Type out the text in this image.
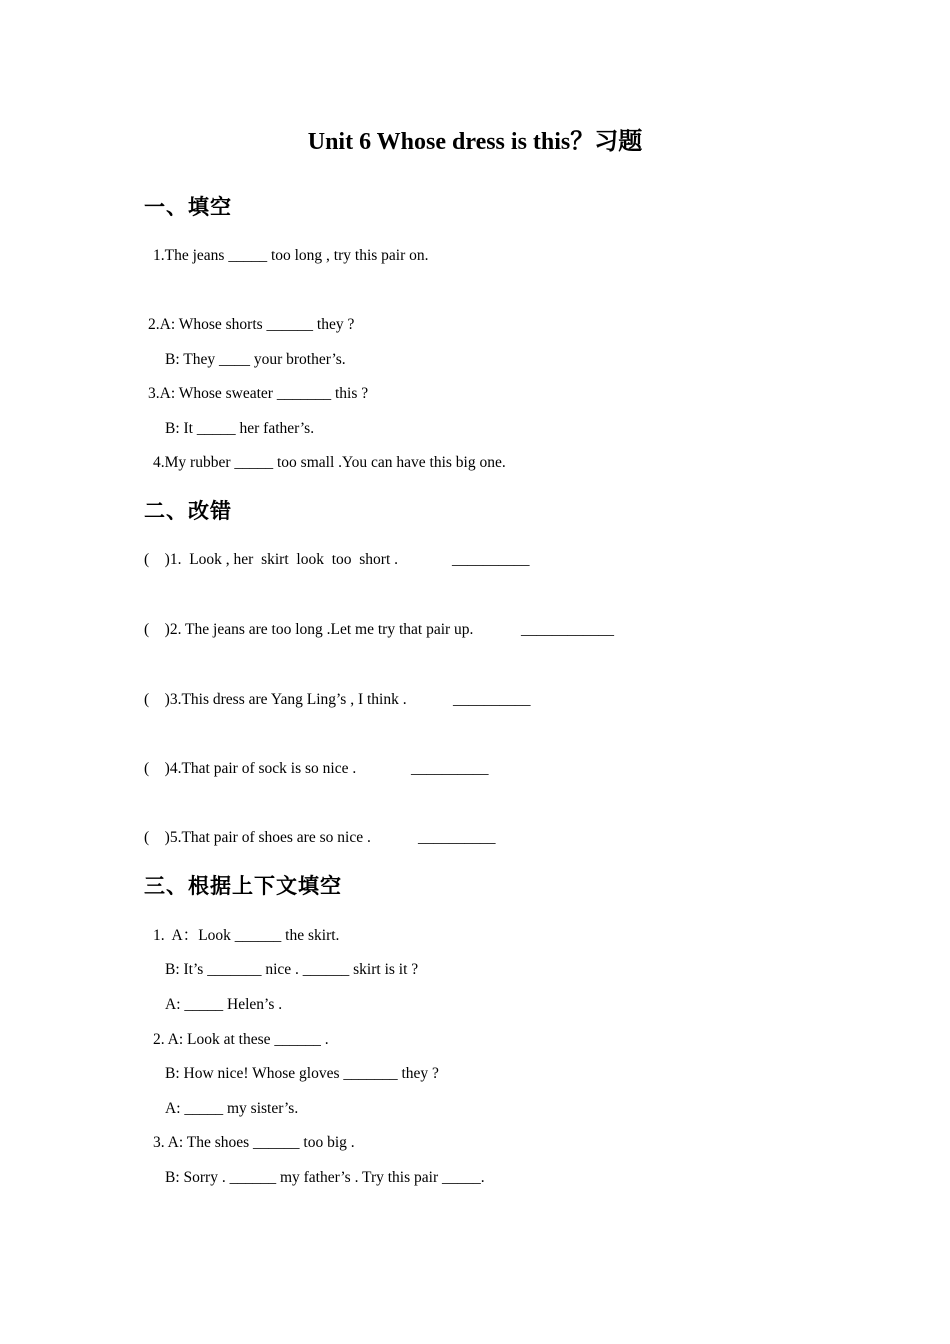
Unit 6 Whose dress is this？习题
一、填空
1.The jeans _____ too long , try this pair on.
2.A: Whose shorts ______ they ?
B: They ____ your brother’s.
3.A: Whose sweater _______ this ?
B: It _____ her father’s.
4.My rubber _____ too small .You can have this big one.
二、改错
(    )1.  Look , her  skirt  look  too  short .	__________
(    )2. The jeans are too long .Let me try that pair up.	____________
(    )3.This dress are Yang Ling’s , I think .	__________
(    )4.That pair of sock is so nice .	__________
(    )5.That pair of shoes are so nice .	__________
三、根据上下文填空
1.  A：Look ______ the skirt.
B: It’s _______ nice . ______ skirt is it ?
A: _____ Helen’s .
2. A: Look at these ______ .
B: How nice! Whose gloves _______ they ?
A: _____ my sister’s.
3. A: The shoes ______ too big .
B: Sorry . ______ my father’s . Try this pair _____.
